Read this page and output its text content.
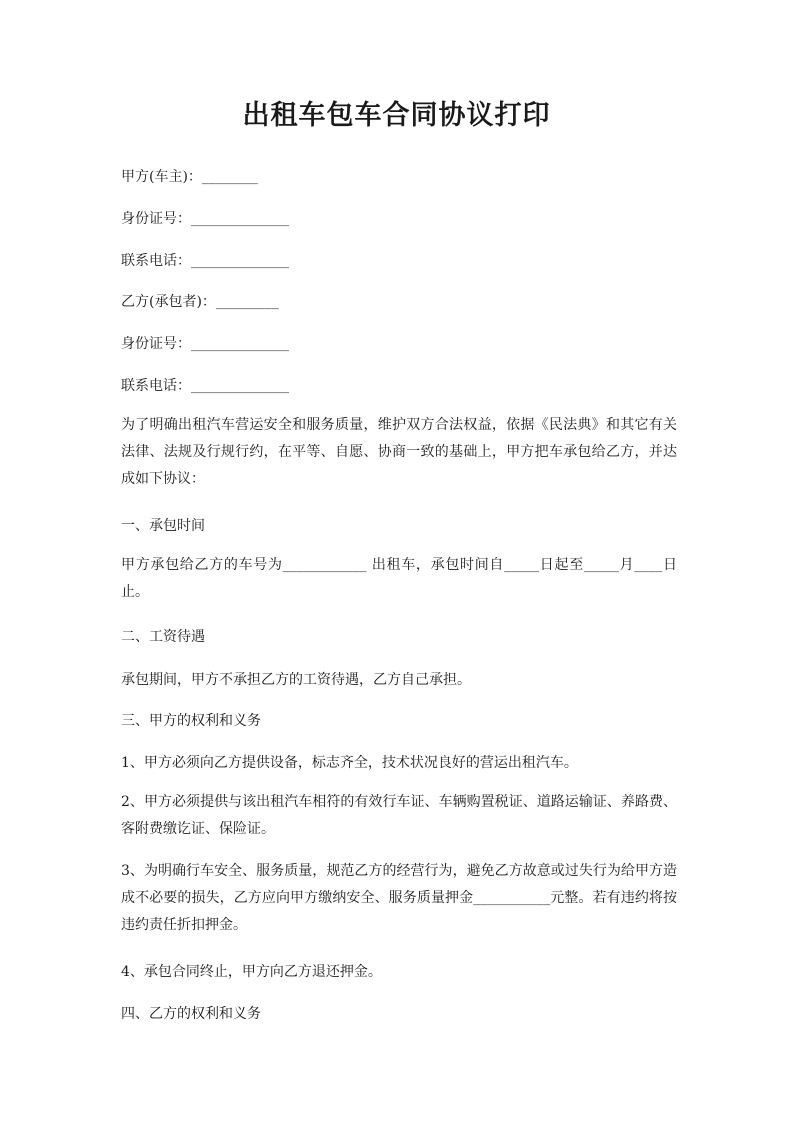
出租车包车合同协议打印
甲方(车主)：________
身份证号：______________
联系电话：______________
乙方(承包者)：_________
身份证号：______________
联系电话：______________

为了明确出租汽车营运安全和服务质量，维护双方合法权益，依据《民法典》和其它有关法律、法规及行规行约，在平等、自愿、协商一致的基础上，甲方把车承包给乙方，并达成如下协议：

一、承包时间

甲方承包给乙方的车号为____________ 出租车，承包时间自_____日起至_____月____日止。

二、工资待遇
承包期间，甲方不承担乙方的工资待遇，乙方自己承担。
三、甲方的权利和义务
1、甲方必须向乙方提供设备，标志齐全，技术状况良好的营运出租汽车。

2、甲方必须提供与该出租汽车相符的有效行车证、车辆购置税证、道路运输证、养路费、客附费缴讫证、保险证。

3、为明确行车安全、服务质量，规范乙方的经营行为，避免乙方故意或过失行为给甲方造成不必要的损失，乙方应向甲方缴纳安全、服务质量押金___________元整。若有违约将按违约责任折扣押金。

4、承包合同终止，甲方向乙方退还押金。
四、乙方的权利和义务
